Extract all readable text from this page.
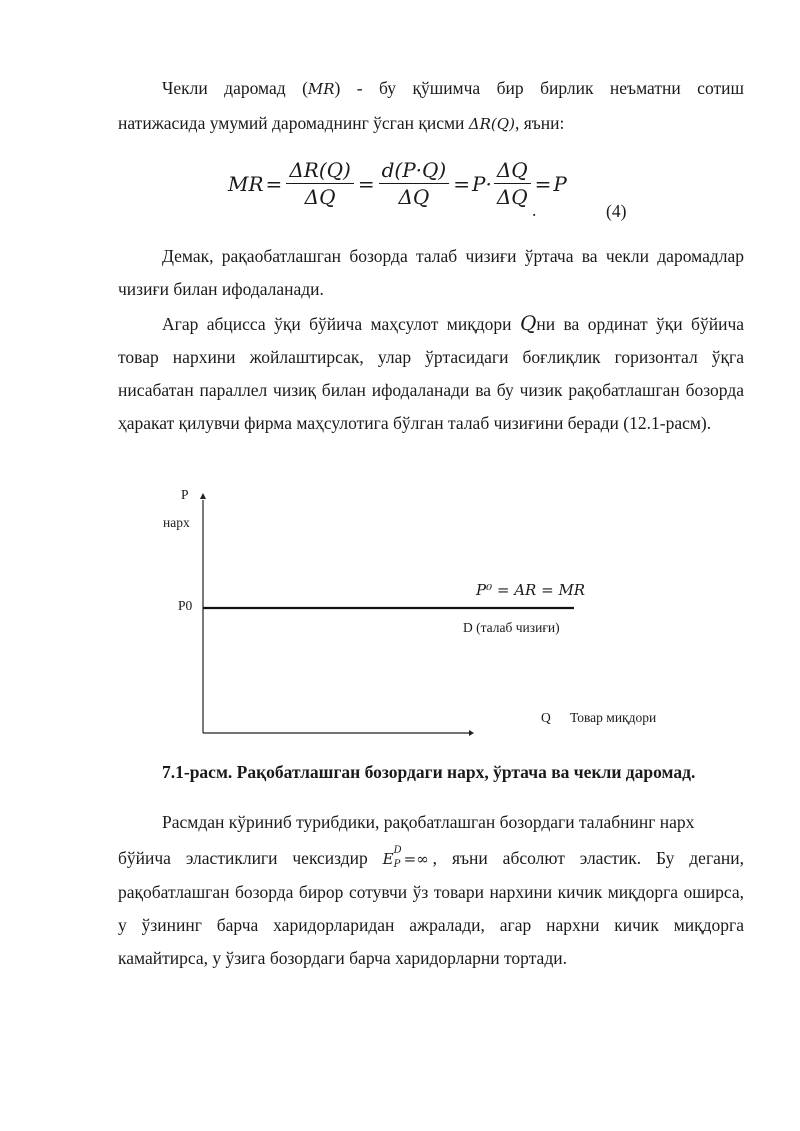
Чекли даромад (MR) - бу қўшимча бир бирлик неъматни сотиш
натижасида умумий даромаднинг ўсган қисми ΔR(Q), яъни:
MR = $\frac{\Delta R(Q)}{\Delta Q} = \frac{d(P\cdot Q)}{\Delta Q} = P\cdot \frac{\Delta Q}{\Delta Q} = P$
.	(4)
Демак, рақаобатлашган бозорда талаб чизиғи ўртача ва чекли даромадлар чизиғи билан ифодаланади.
Агар абцисса ўқи бўйича маҳсулот миқдори Qни ва ординат ўқи бўйича товар нархини жойлаштирсак, улар ўртасидаги боғлиқлик горизонтал ўқга нисабатан параллел чизиқ билан ифодаланади ва бу чизик рақобатлашган бозорда ҳаракат қилувчи фирма маҳсулотига бўлган талаб чизиғини беради (12.1-расм).
P
нарх
P0
P⁰ = AR = MR
D (талаб чизиғи)
Q Товар миқдори
7.1-расм. Рақобатлашган бозордаги нарх, ўртача ва чекли даромад.
Расмдан кўриниб турибдики, рақобатлашган бозордаги талабнинг нарх
бўйича эластиклиги чексиздир E D
P =∞ , яъни абсолют эластик. Бу дегани, рақобатлашган бозорда бирор сотувчи ўз товари нархини кичик миқдорга оширса, у ўзининг барча харидорларидан ажралади, агар нархни кичик миқдорга камайтирса, у ўзига бозордаги барча харидорларни тортади.
